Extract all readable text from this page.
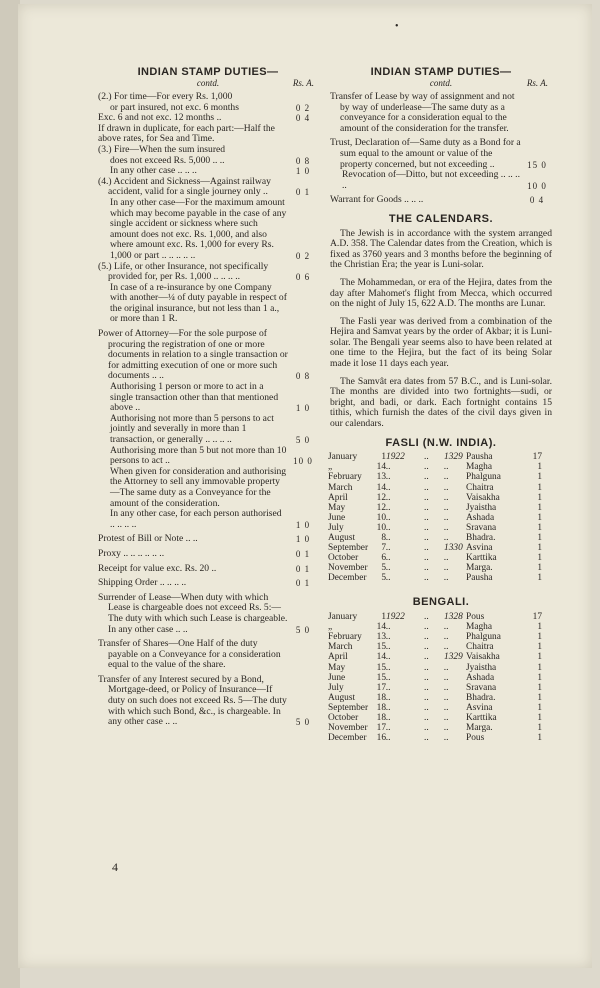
•
INDIAN STAMP DUTIES—
contd.	Rs. A.
(2.) For time—For every Rs. 1,000
or part insured, not exc. 6 months	0 2
Exc. 6 and not exc. 12 months ..	0 4
If drawn in duplicate, for each part:—Half the above rates, for Sea and Time.
(3.) Fire—When the sum insured
does not exceed Rs. 5,000 .. ..	0 8
In any other case .. .. ..	1 0
(4.) Accident and Sickness—Against railway accident, valid for a single journey only ..	0 1
In any other case—For the maximum amount which may become payable in the case of any single accident or sickness where such amount does not exc. Rs. 1,000, and also where amount exc. Rs. 1,000 for every Rs. 1,000 or part .. .. .. .. ..	0 2
(5.) Life, or other Insurance, not specifically provided for, per Rs. 1,000 .. .. .. ..	0 6
In case of a re-insurance by one Company with another—¼ of duty payable in respect of the original insurance, but not less than 1 a., or more than 1 R.
Power of Attorney—For the sole purpose of procuring the registration of one or more documents in relation to a single transaction or for admitting execution of one or more such documents .. ..	0 8
Authorising 1 person or more to act in a single transaction other than that mentioned above ..	1 0
Authorising not more than 5 persons to act jointly and severally in more than 1 transaction, or generally .. .. .. ..	5 0
Authorising more than 5 but not more than 10 persons to act ..	10 0
When given for consideration and authorising the Attorney to sell any immovable property—The same duty as a Conveyance for the amount of the consideration.
In any other case, for each person authorised .. .. .. ..	1 0
Protest of Bill or Note .. ..	1 0
Proxy .. .. .. .. .. ..	0 1
Receipt for value exc. Rs. 20 ..	0 1
Shipping Order .. .. .. ..	0 1
Surrender of Lease—When duty with which Lease is chargeable does not exceed Rs. 5:—The duty with which such Lease is chargeable. In any other case .. ..	5 0
Transfer of Shares—One Half of the duty payable on a Conveyance for a consideration equal to the value of the share.
Transfer of any Interest secured by a Bond, Mortgage-deed, or Policy of Insurance—If duty on such does not exceed Rs. 5—The duty with which such Bond, &c., is chargeable. In any other case .. ..	5 0
INDIAN STAMP DUTIES—
contd.	Rs. A.
Transfer of Lease by way of assignment and not by way of underlease—The same duty as a conveyance for a consideration equal to the amount of the consideration for the transfer.
Trust, Declaration of—Same duty as a Bond for a sum equal to the amount or value of the property concerned, but not exceeding ..	15 0
Revocation of—Ditto, but not exceeding .. .. .. ..	10 0
Warrant for Goods .. .. ..	0 4
THE CALENDARS.
The Jewish is in accordance with the system arranged A.D. 358. The Calendar dates from the Creation, which is fixed as 3760 years and 3 months before the beginning of the Christian Era; the year is Luni-solar.
The Mohammedan, or era of the Hejira, dates from the day after Mahomet's flight from Mecca, which occurred on the night of July 15, 622 A.D. The months are Lunar.
The Fasli year was derived from a combination of the Hejira and Samvat years by the order of Akbar; it is Luni-solar. The Bengali year seems also to have been related at one time to the Hejira, but the fact of its being Solar made it lose 11 days each year.
The Samvât era dates from 57 B.C., and is Luni-solar. The months are divided into two fortnights—sudi, or bright, and badi, or dark. Each fortnight contains 15 tithis, which furnish the dates of the civil days given in our calendars.
FASLI (N.W. INDIA).
January	1	1922	..	1329	Pausha	17
„	14	..	..	..	Magha	1
February	13	..	..	..	Phalguna	1
March	14	..	..	..	Chaitra	1
April	12	..	..	..	Vaisakha	1
May	12	..	..	..	Jyaistha	1
June	10	..	..	..	Ashada	1
July	10	..	..	..	Sravana	1
August	8	..	..	..	Bhadra.	1
September	7	..	..	1330	Asvina	1
October	6	..	..	..	Karttika	1
November	5	..	..	..	Marga.	1
December	5	..	..	..	Pausha	1
BENGALI.
January	1	1922	..	1328	Pous	17
„	14	..	..	..	Magha	1
February	13	..	..	..	Phalguna	1
March	15	..	..	..	Chaitra	1
April	14	..	..	1329	Vaisakha	1
May	15	..	..	..	Jyaistha	1
June	15	..	..	..	Ashada	1
July	17	..	..	..	Sravana	1
August	18	..	..	..	Bhadra.	1
September	18	..	..	..	Asvina	1
October	18	..	..	..	Karttika	1
November	17	..	..	..	Marga.	1
December	16	..	..	..	Pous	1
4
